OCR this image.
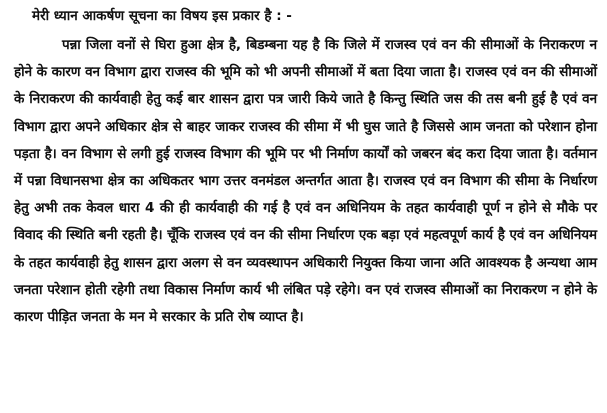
मेरी ध्यान आकर्षण सूचना का विषय इस प्रकार है : -

पन्ना जिला वनों से घिरा हुआ क्षेत्र है, बिडम्बना यह है कि जिले में राजस्व एवं वन की सीमाओं के निराकरण न होने के कारण वन विभाग द्वारा राजस्व की भूमि को भी अपनी सीमाओं में बता दिया जाता है। राजस्व एवं वन की सीमाओं के निराकरण की कार्यवाही हेतु कई बार शासन द्वारा पत्र जारी किये जाते है किन्तु स्थिति जस की तस बनी हुई है एवं वन विभाग द्वारा अपने अधिकार क्षेत्र से बाहर जाकर राजस्व की सीमा में भी घुस जाते है जिससे आम जनता को परेशान होना पड़ता है। वन विभाग से लगी हुई राजस्व विभाग की भूमि पर भी निर्माण कार्यों को जबरन बंद करा दिया जाता है। वर्तमान में पन्ना विधानसभा क्षेत्र का अधिकतर भाग उत्तर वनमंडल अन्तर्गत आता है। राजस्व एवं वन विभाग की सीमा के निर्धारण हेतु अभी तक केवल धारा 4 की ही कार्यवाही की गई है एवं वन अधिनियम के तहत कार्यवाही पूर्ण न होने से मौके पर विवाद की स्थिति बनी रहती है। चूँकि राजस्व एवं वन की सीमा निर्धारण एक बड़ा एवं महत्वपूर्ण कार्य है एवं वन अधिनियम के तहत कार्यवाही हेतु शासन द्वारा अलग से वन व्यवस्थापन अधिकारी नियुक्त किया जाना अति आवश्यक है अन्यथा आम जनता परेशान होती रहेगी तथा विकास निर्माण कार्य भी लंबित पड़े रहेगे। वन एवं राजस्व सीमाओं का निराकरण न होने के कारण पीड़ित जनता के मन मे सरकार के प्रति रोष व्याप्त है।
